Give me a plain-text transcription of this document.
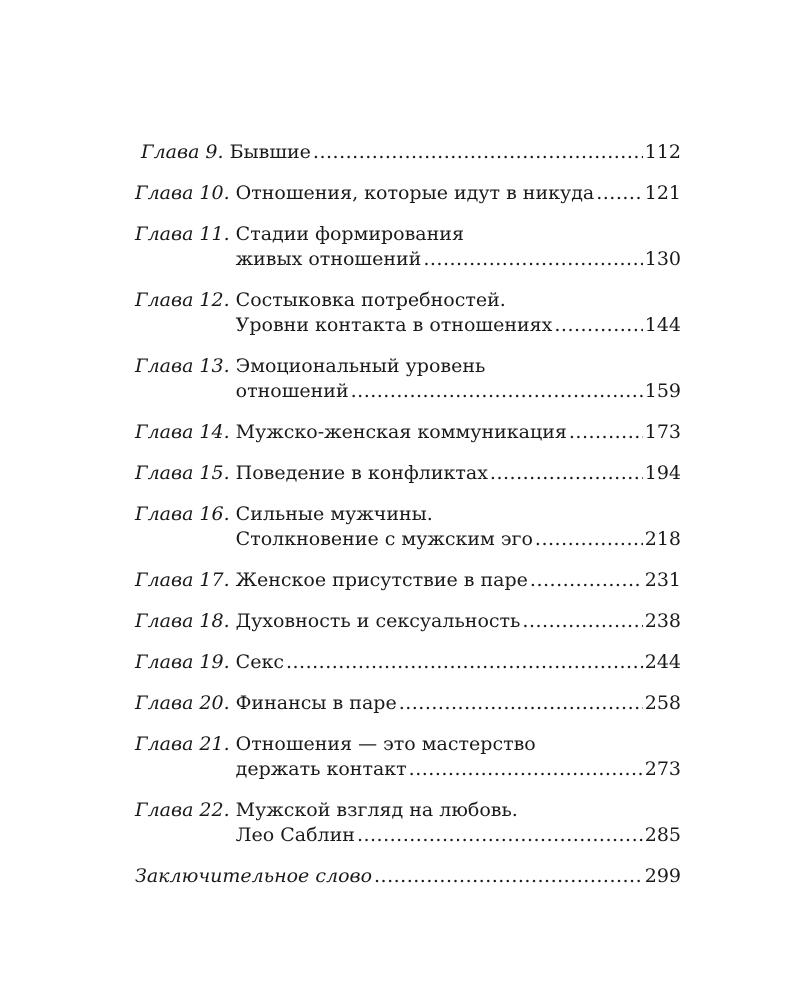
Глава 9. Бывшие .....	112
Глава 10. Отношения, которые идут в никуда .....	121
Глава 11. Стадии формирования
живых отношений .....	130
Глава 12. Состыковка потребностей.
Уровни контакта в отношениях .....	144
Глава 13. Эмоциональный уровень
отношений .....	159
Глава 14. Мужско-женская коммуникация .....	173
Глава 15. Поведение в конфликтах .....	194
Глава 16. Сильные мужчины.
Столкновение с мужским эго .....	218
Глава 17. Женское присутствие в паре .....	231
Глава 18. Духовность и сексуальность .....	238
Глава 19. Секс .....	244
Глава 20. Финансы в паре .....	258
Глава 21. Отношения — это мастерство
держать контакт .....	273
Глава 22. Мужской взгляд на любовь.
Лео Саблин .....	285
Заключительное слово .....	299
